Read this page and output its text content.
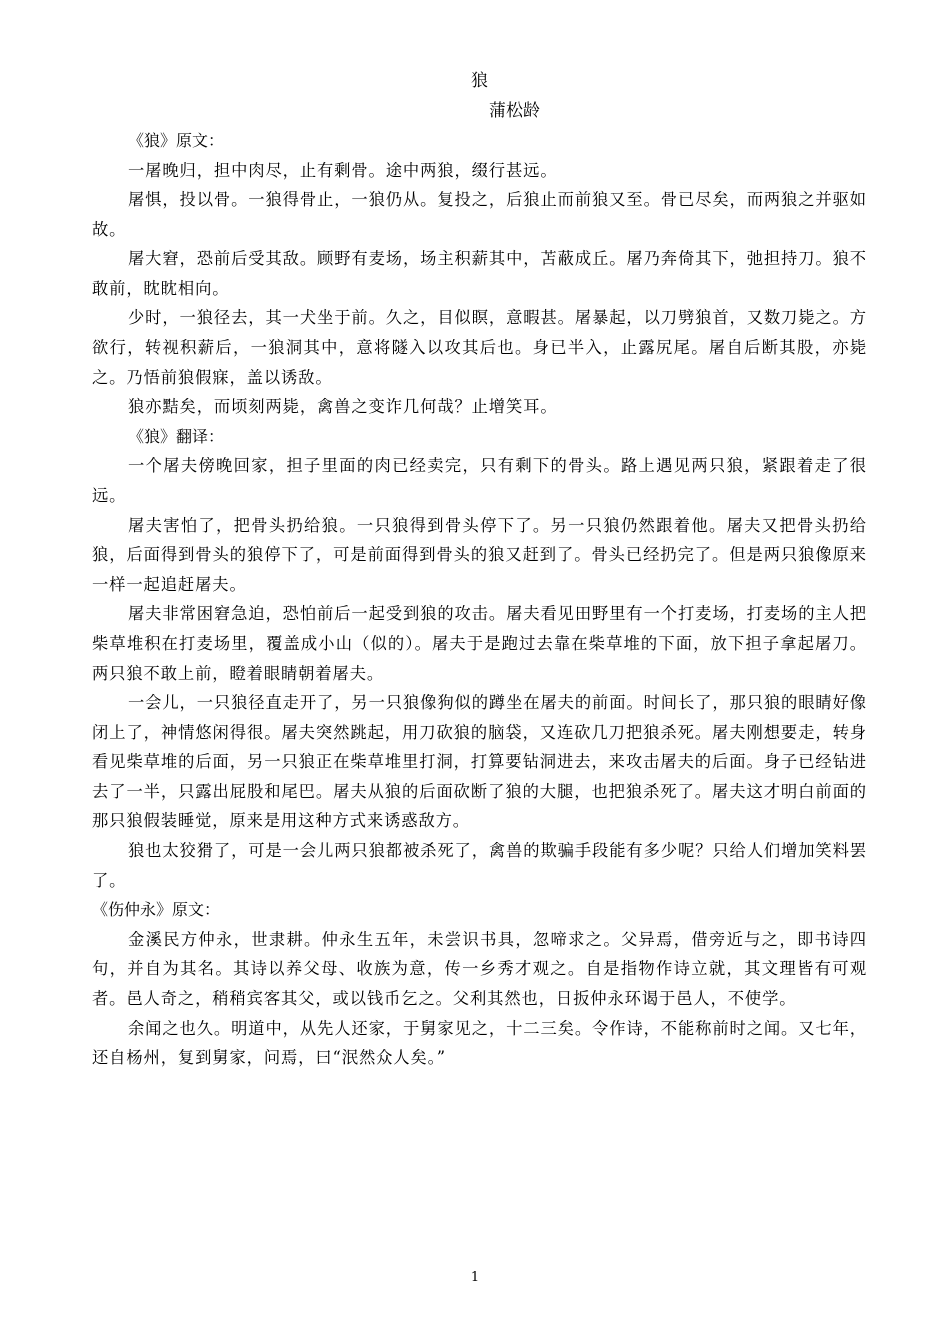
狼

蒲松龄

《狼》原文：

一屠晚归，担中肉尽，止有剩骨。途中两狼，缀行甚远。

屠惧，投以骨。一狼得骨止，一狼仍从。复投之，后狼止而前狼又至。骨已尽矣，而两狼之并驱如故。

屠大窘，恐前后受其敌。顾野有麦场，场主积薪其中，苫蔽成丘。屠乃奔倚其下，弛担持刀。狼不敢前，眈眈相向。

少时，一狼径去，其一犬坐于前。久之，目似瞑，意暇甚。屠暴起，以刀劈狼首，又数刀毙之。方欲行，转视积薪后，一狼洞其中，意将隧入以攻其后也。身已半入，止露尻尾。屠自后断其股，亦毙之。乃悟前狼假寐，盖以诱敌。

狼亦黠矣，而顷刻两毙，禽兽之变诈几何哉？止增笑耳。

《狼》翻译：

一个屠夫傍晚回家，担子里面的肉已经卖完，只有剩下的骨头。路上遇见两只狼，紧跟着走了很远。

屠夫害怕了，把骨头扔给狼。一只狼得到骨头停下了。另一只狼仍然跟着他。屠夫又把骨头扔给狼，后面得到骨头的狼停下了，可是前面得到骨头的狼又赶到了。骨头已经扔完了。但是两只狼像原来一样一起追赶屠夫。

屠夫非常困窘急迫，恐怕前后一起受到狼的攻击。屠夫看见田野里有一个打麦场，打麦场的主人把柴草堆积在打麦场里，覆盖成小山（似的）。屠夫于是跑过去靠在柴草堆的下面，放下担子拿起屠刀。两只狼不敢上前，瞪着眼睛朝着屠夫。

一会儿，一只狼径直走开了，另一只狼像狗似的蹲坐在屠夫的前面。时间长了，那只狼的眼睛好像闭上了，神情悠闲得很。屠夫突然跳起，用刀砍狼的脑袋，又连砍几刀把狼杀死。屠夫刚想要走，转身看见柴草堆的后面，另一只狼正在柴草堆里打洞，打算要钻洞进去，来攻击屠夫的后面。身子已经钻进去了一半，只露出屁股和尾巴。屠夫从狼的后面砍断了狼的大腿，也把狼杀死了。屠夫这才明白前面的那只狼假装睡觉，原来是用这种方式来诱惑敌方。

狼也太狡猾了，可是一会儿两只狼都被杀死了，禽兽的欺骗手段能有多少呢？只给人们增加笑料罢了。

《伤仲永》原文：

金溪民方仲永，世隶耕。仲永生五年，未尝识书具，忽啼求之。父异焉，借旁近与之，即书诗四句，并自为其名。其诗以养父母、收族为意，传一乡秀才观之。自是指物作诗立就，其文理皆有可观者。邑人奇之，稍稍宾客其父，或以钱币乞之。父利其然也，日扳仲永环谒于邑人，不使学。

余闻之也久。明道中，从先人还家，于舅家见之，十二三矣。令作诗，不能称前时之闻。又七年，还自杨州，复到舅家，问焉，曰“泯然众人矣。”

1
